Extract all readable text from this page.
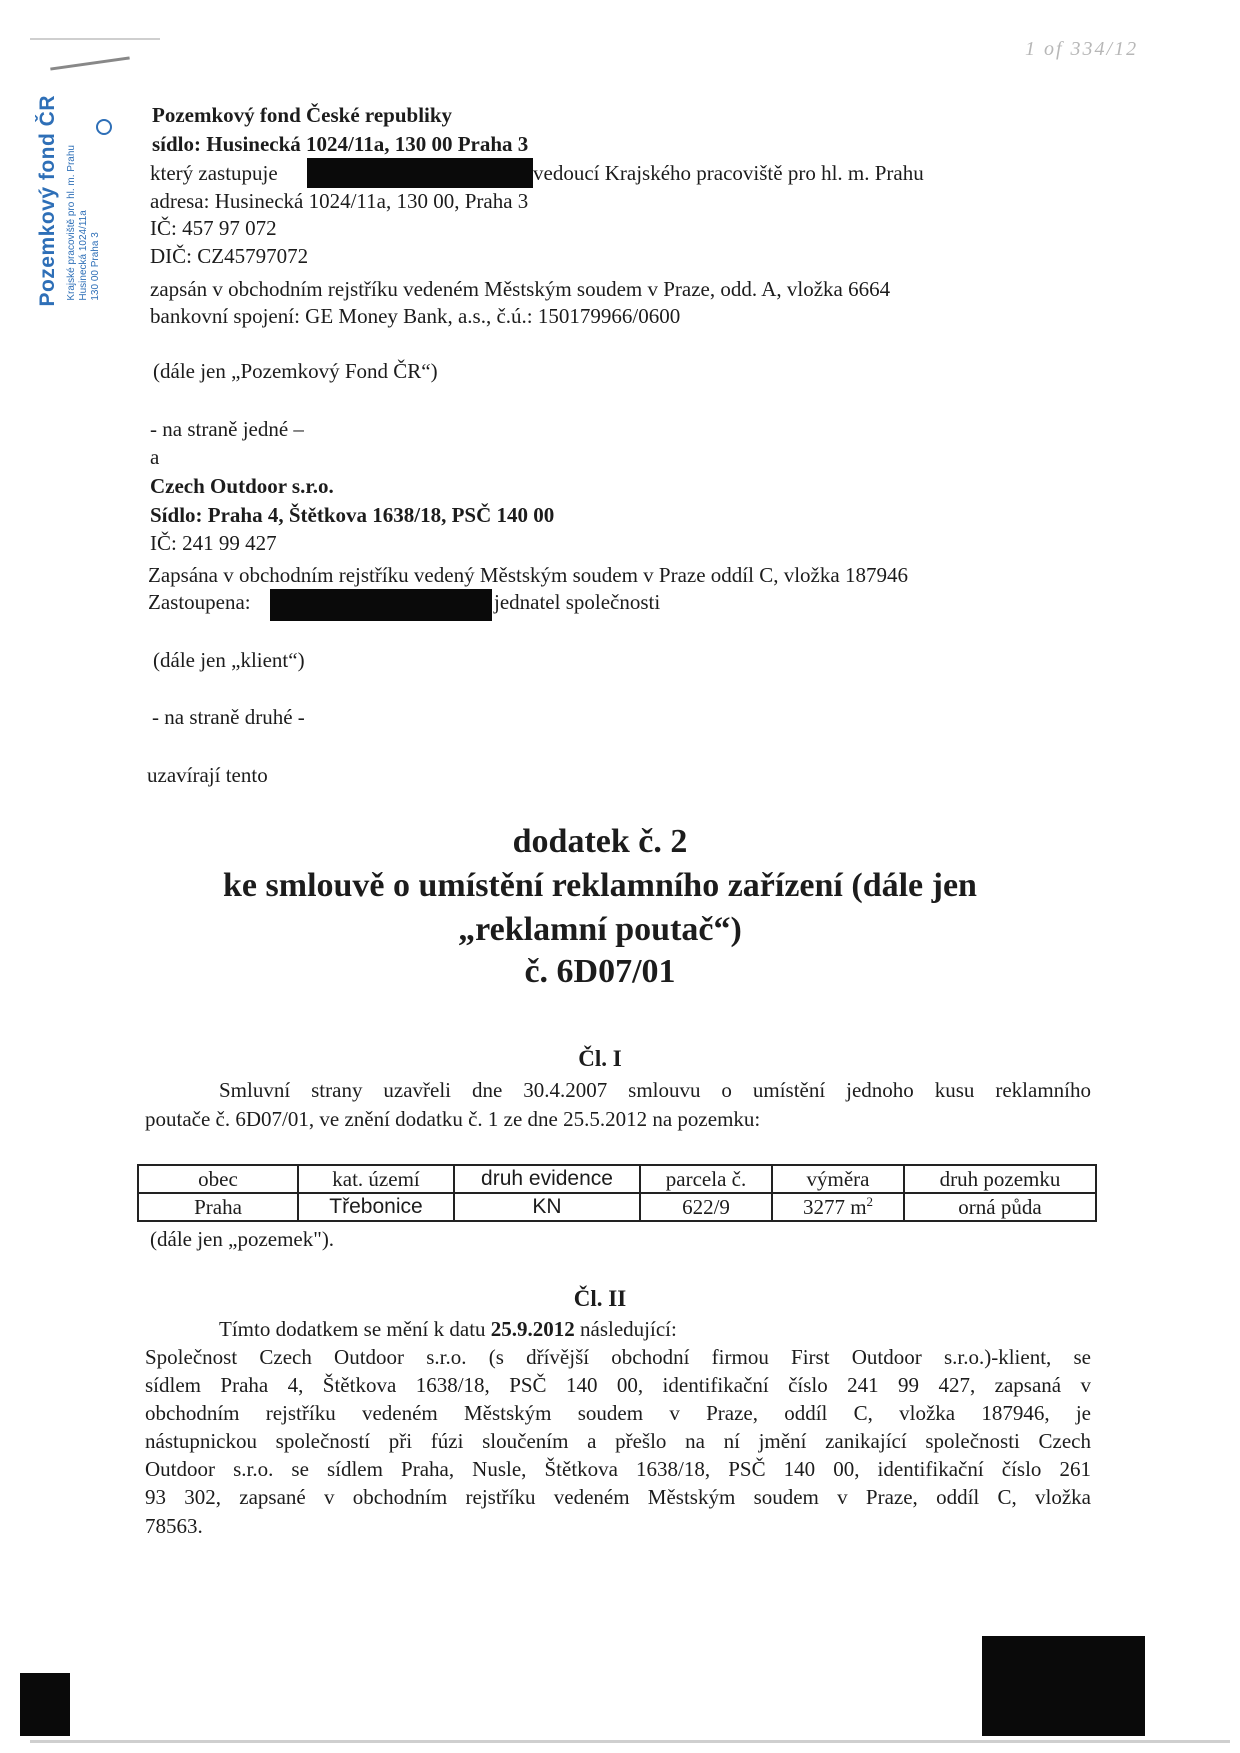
1 of 334/12
Pozemkový fond ČR Krajské pracoviště pro hl. m. Prahu Husinecká 1024/11a 130 00 Praha 3
Pozemkový fond České republiky
sídlo: Husinecká 1024/11a, 130 00 Praha 3
který zastupuje	vedoucí Krajského pracoviště pro hl. m. Prahu
adresa: Husinecká 1024/11a, 130 00, Praha 3
IČ: 457 97 072
DIČ: CZ45797072
zapsán v obchodním rejstříku vedeném Městským soudem v Praze, odd. A, vložka 6664
bankovní spojení: GE Money Bank, a.s., č.ú.: 150179966/0600
(dále jen „Pozemkový Fond ČR“)
- na straně jedné –
a
Czech Outdoor s.r.o.
Sídlo: Praha 4, Štětkova 1638/18, PSČ 140 00
IČ: 241 99 427
Zapsána v obchodním rejstříku vedený Městským soudem v Praze oddíl C, vložka 187946
Zastoupena:	jednatel společnosti
(dále jen „klient“)
- na straně druhé -
uzavírají tento
dodatek č. 2
ke smlouvě o umístění reklamního zařízení (dále jen
„reklamní poutač“)
č. 6D07/01
Čl. I
Smluvní strany uzavřeli dne 30.4.2007 smlouvu o umístění jednoho kusu reklamního
poutače č. 6D07/01, ve znění dodatku č. 1 ze dne 25.5.2012 na pozemku:
obec	kat. území	druh evidence	parcela č.	výměra	druh pozemku
Praha	Třebonice	KN	622/9	3277 $m^2$	orná půda
(dále jen „pozemek").
Čl. II
Tímto dodatkem se mění k datu 25.9.2012 následující:
Společnost Czech Outdoor s.r.o. (s dřívější obchodní firmou First Outdoor s.r.o.)-klient, se
sídlem Praha 4, Štětkova 1638/18, PSČ 140 00, identifikační číslo 241 99 427, zapsaná v
obchodním rejstříku vedeném Městským soudem v Praze, oddíl C, vložka 187946, je
nástupnickou společností při fúzi sloučením a přešlo na ní jmění zanikající společnosti Czech
Outdoor s.r.o. se sídlem Praha, Nusle, Štětkova 1638/18, PSČ 140 00, identifikační číslo 261
93 302, zapsané v obchodním rejstříku vedeném Městským soudem v Praze, oddíl C, vložka
78563.
